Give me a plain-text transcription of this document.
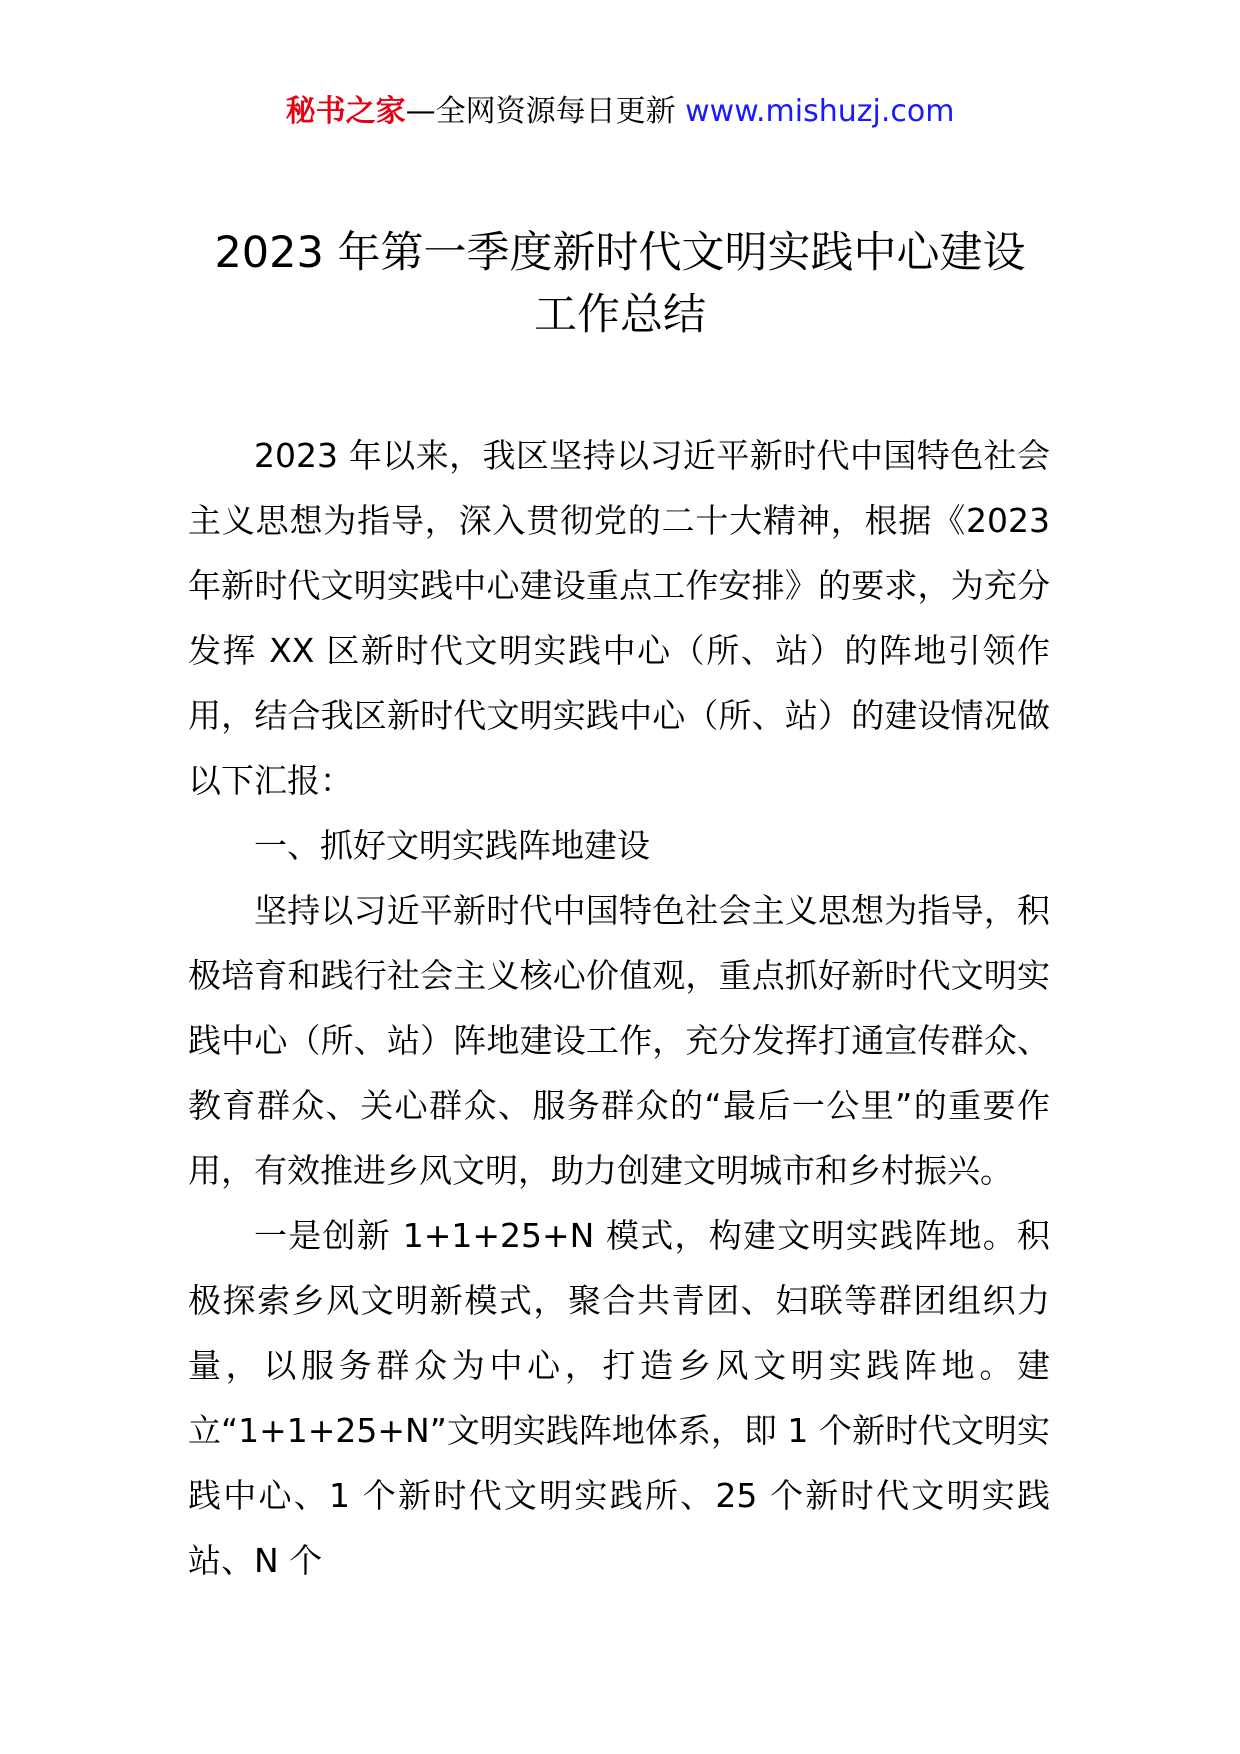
秘书之家—全网资源每日更新 www.mishuzj.com
2023 年第一季度新时代文明实践中心建设
工作总结

2023 年以来，我区坚持以习近平新时代中国特色社会主义思想为指导，深入贯彻党的二十大精神，根据《2023 年新时代文明实践中心建设重点工作安排》的要求，为充分发挥 XX 区新时代文明实践中心（所、站）的阵地引领作用，结合我区新时代文明实践中心（所、站）的建设情况做以下汇报：

一、抓好文明实践阵地建设

坚持以习近平新时代中国特色社会主义思想为指导，积极培育和践行社会主义核心价值观，重点抓好新时代文明实践中心（所、站）阵地建设工作，充分发挥打通宣传群众、教育群众、关心群众、服务群众的“最后一公里”的重要作用，有效推进乡风文明，助力创建文明城市和乡村振兴。

一是创新 1+1+25+N 模式，构建文明实践阵地。积极探索乡风文明新模式，聚合共青团、妇联等群团组织力量，以服务群众为中心，打造乡风文明实践阵地。建立“1+1+25+N”文明实践阵地体系，即 1 个新时代文明实践中心、1 个新时代文明实践所、25 个新时代文明实践站、N 个
